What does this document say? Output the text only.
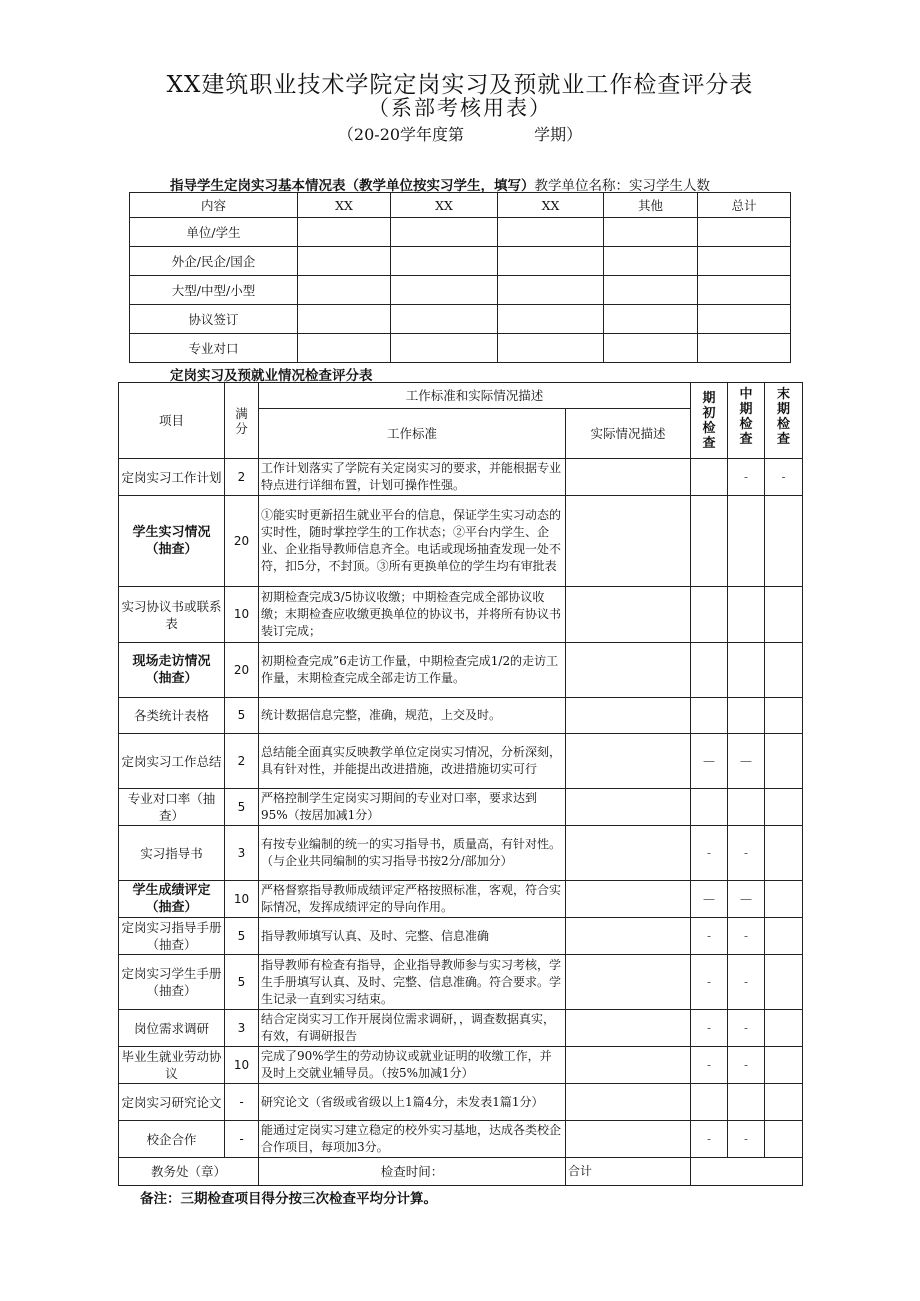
XX建筑职业技术学院定岗实习及预就业工作检查评分表
（系部考核用表）
（20-20学年度第	学期）
指导学生定岗实习基本情况表（教学单位按实习学生，填写）教学单位名称：实习学生人数
内容	XX	XX	XX	其他	总计
单位/学生					
外企/民企/国企					
大型/中型/小型					
协议签订					
专业对口					
定岗实习及预就业情况检查评分表
项目	满分	工作标准和实际情况描述		期初检查	中期检查	末期检查

		工作标准	实际情况描述			
定岗实习工作计划	2	工作计划落实了学院有关定岗实习的要求，并能根据专业特点进行详细布置，计划可操作性强。			-	-
学生实习情况（抽查）	20	①能实时更新招生就业平台的信息，保证学生实习动态的实时性，随时掌控学生的工作状态；②平台内学生、企业、企业指导教师信息齐全。电话或现场抽査发现一处不符，扣5分，不封顶。③所有更换单位的学生均有审批表				
实习协议书或联系表	10	初期检查完成3/5协议收缴；中期检查完成全部协议收缴；末期检查应收缴更换单位的协议书，并将所有协议书装订完成；				
现场走访情况（抽查）	20	初期检查完成”6走访工作量，中期检查完成1/2的走访工作量，末期检查完成全部走访工作量。				
各类统计表格	5	统计数据信息完整，准确，规范，上交及时。				
定岗实习工作总结	2	总结能全面真实反映教学单位定岗实习情况，分析深刻，具有针对性，并能提出改进措施，改进措施切实可行		—	—	
专业对口率（抽查）	5	严格控制学生定岗实习期间的专业对口率，要求达到95%（按居加减1分）				
实习指导书	3	有按专业编制的统一的实习指导书，质量高，有针对性。（与企业共同编制的实习指导书按2分/部加分）		-	-	
学生成绩评定（抽查）	10	严格督察指导教师成绩评定严格按照标准，客观，符合实际情况，发挥成绩评定的导向作用。		—	—	
定岗实习指导手册（抽查）	5	指导教师填写认真、及时、完整、信息准确		-	-	
定岗实习学生手册（抽查）	5	指导教师有检查有指导，企业指导教师参与实习考核，学生手册填写认真、及时、完整、信息准确。符合要求。学生记录一直到实习结束。		-	-	
岗位需求调研	3	结合定岗实习工作开展岗位需求调研，，调查数据真实，有效，有调研报告		-	-	
毕业生就业劳动协议	10	完成了90%学生的劳动协议或就业证明的收缴工作，并及时上交就业辅导员。（按5%加减1分）		-	-	
定岗实习研究论文	-	研究论文（省级或省级以上1篇4分，未发表1篇1分）				
校企合作	-	能通过定岗实习建立稳定的校外实习基地，达成各类校企合作项目，每项加3分。		-	-	
教务处（章）		检查时间：	合计			
备注：三期检查项目得分按三次检查平均分计算。
